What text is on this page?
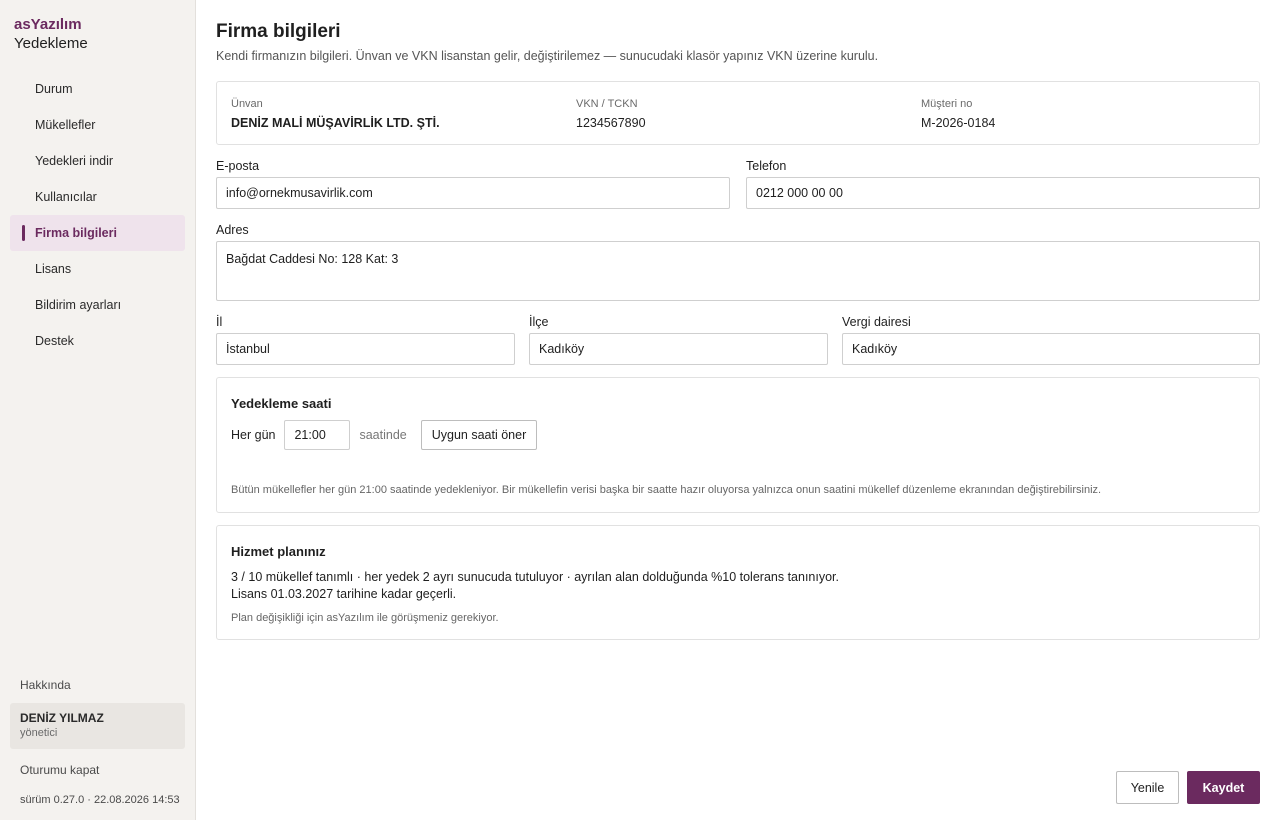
asYazılım
Yedekleme
Durum
Mükellefler
Yedekleri indir
Kullanıcılar
Firma bilgileri
Lisans
Bildirim ayarları
Destek
Hakkında
DENİZ YILMAZ
yönetici
Oturumu kapat
sürüm 0.27.0 · 22.08.2026 14:53
Firma bilgileri

Kendi firmanızın bilgileri. Ünvan ve VKN lisanstan gelir, değiştirilemez — sunucudaki klasör yapınız VKN üzerine kurulu.

Ünvan
DENİZ MALİ MÜŞAVİRLİK LTD. ŞTİ.
VKN / TCKN
1234567890
Müşteri no
M-2026-0184
E-posta
info@ornekmusavirlik.com	Telefon
0212 000 00 00
Adres
Bağdat Caddesi No: 128 Kat: 3
İl
İstanbul	İlçe
Kadıköy	Vergi dairesi
Kadıköy
Yedekleme saati
Her gün
21:00	saatinde	Uygun saati öner
Bütün mükellefler her gün 21:00 saatinde yedekleniyor. Bir mükellefin verisi başka bir saatte hazır oluyorsa yalnızca onun saatini mükellef düzenleme ekranından değiştirebilirsiniz.
Hizmet planınız
3 / 10 mükellef tanımlı · her yedek 2 ayrı sunucuda tutuluyor · ayrılan alan dolduğunda %10 tolerans tanınıyor.
Lisans 01.03.2027 tarihine kadar geçerli.
Plan değişikliği için asYazılım ile görüşmeniz gerekiyor.
Yenile	Kaydet
